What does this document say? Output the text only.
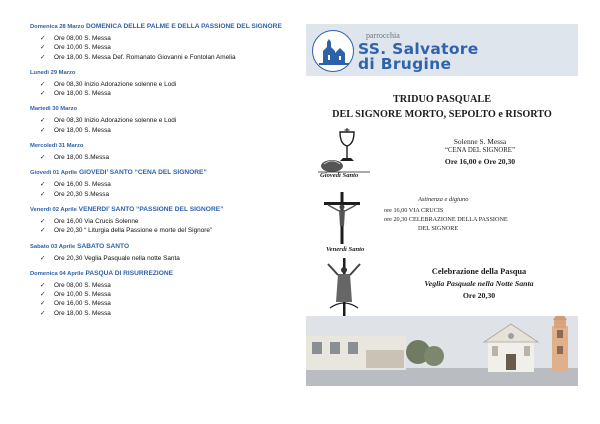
Domenica 28 Marzo DOMENICA DELLE PALME E DELLA PASSIONE DEL SIGNORE
✓ Ore 08,00 S. Messa
✓ Ore 10,00 S. Messa
✓ Ore 18,00 S. Messa Def. Romanato Giovanni e Fontolan Amelia
Lunedì 29 Marzo
✓ Ore 08,30 Inizio Adorazione solenne e Lodi
✓ Ore 18,00 S. Messa
Martedì 30 Marzo
✓ Ore 08,30 Inizio Adorazione solenne e Lodi
✓ Ore 18,00 S. Messa
Mercoledì 31 Marzo
✓ Ore 18,00 S.Messa
Giovedì 01 Aprile GIOVEDI’ SANTO “CENA DEL SIGNORE”
✓ Ore 16,00 S. Messa
✓ Ore 20,30 S.Messa
Venerdì 02 Aprile VENERDI’ SANTO “PASSIONE DEL SIGNORE”
✓ Ore 16,00 Via Crucis Solenne
✓ Ore 20,30 “ Liturgia della Passione e morte del Signore”
Sabato 03 Aprile SABATO SANTO
✓ Ore 20,30 Veglia Pasquale nella notte Santa
Domenica 04 Aprile PASQUA DI RISURREZIONE
✓ Ore 08,00 S. Messa
✓ Ore 10,00 S. Messa
✓ Ore 16,00 S. Messa
✓ Ore 18,00 S. Messa
parrocchia
SS. Salvatore
di Brugine
TRIDUO PASQUALE
DEL SIGNORE MORTO, SEPOLTO e RISORTO
Giovedì Santo
Solenne S. Messa
“CENA DEL SIGNORE”
Ore 16,00 e Ore 20,30
Venerdì Santo
Astinenza e digiuno
ore 16,00 VIA CRUCIS
ore 20,30 CELEBRAZIONE DELLA PASSIONE
DEL SIGNORE
Celebrazione della Pasqua
Veglia Pasquale nella Notte Santa
Ore 20,30
